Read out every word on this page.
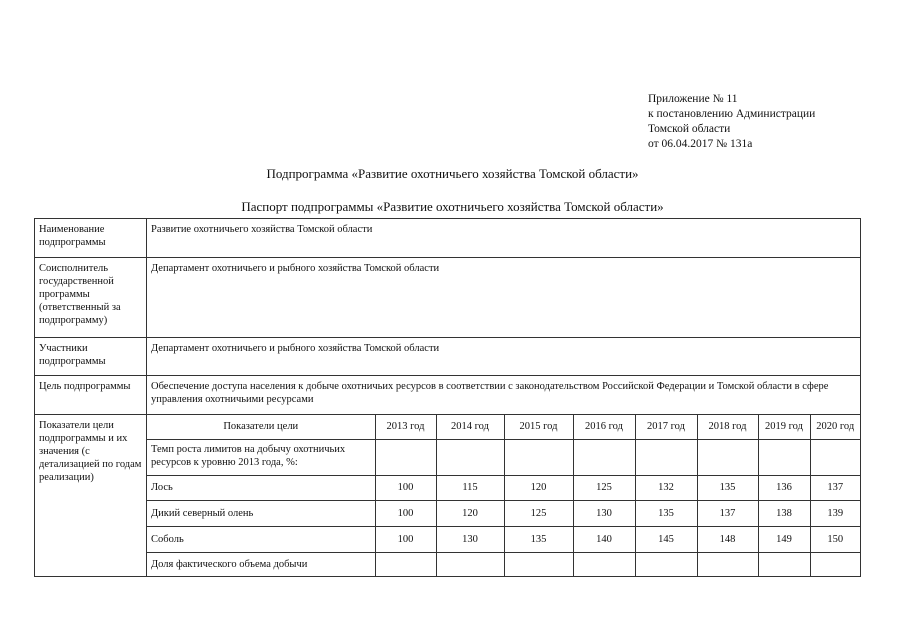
Приложение № 11
к постановлению Администрации
Томской области
от 06.04.2017 № 131а
Подпрограмма «Развитие охотничьего хозяйства Томской области»
Паспорт подпрограммы «Развитие охотничьего хозяйства Томской области»
Наименование подпрограммы	Развитие охотничьего хозяйства Томской области
Соисполнитель государственной программы (ответственный за подпрограмму)	Департамент охотничьего и рыбного хозяйства Томской области
Участники подпрограммы	Департамент охотничьего и рыбного хозяйства Томской области
Цель подпрограммы	Обеспечение доступа населения к добыче охотничьих ресурсов в соответствии с законодательством Российской Федерации и Томской области в сфере управления охотничьими ресурсами
Показатели цели подпрограммы и их значения (с детализацией по годам реализации)	
Показатели цели	2013 год	2014 год	2015 год	2016 год	2017 год	2018 год	2019 год	2020 год
Темп роста лимитов на добычу охотничьих ресурсов к уровню 2013 года, %:								
Лось	100	115	120	125	132	135	136	137
Дикий северный олень	100	120	125	130	135	137	138	139
Соболь	100	130	135	140	145	148	149	150
Доля фактического объема добычи								
